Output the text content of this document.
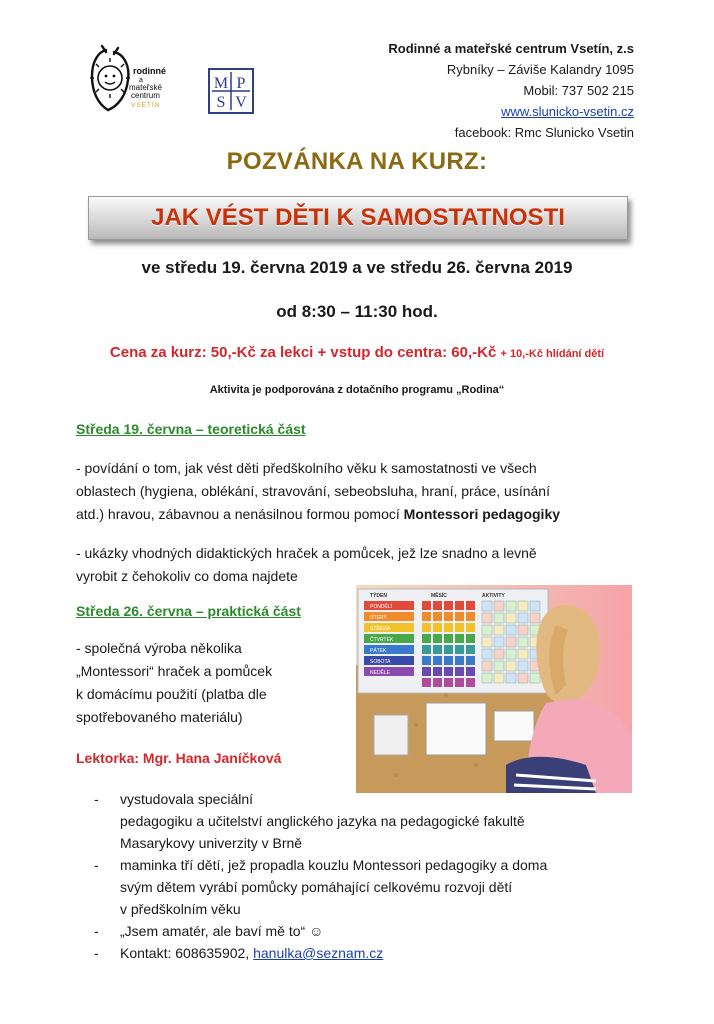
rodinné
a
mateřské
centrum
VSETÍN
M P
S V
Rodinné a mateřské centrum Vsetín, z.s
Rybníky – Záviše Kalandry 1095
Mobil: 737 502 215
www.slunicko-vsetin.cz
facebook: Rmc Slunicko Vsetin
POZVÁNKA NA KURZ:
JAK VÉST DĚTI K SAMOSTATNOSTI
ve středu 19. června 2019 a ve středu 26. června 2019
od 8:30 – 11:30 hod.
Cena za kurz: 50,-Kč za lekci + vstup do centra: 60,-Kč + 10,-Kč hlídání dětí
Aktivita je podporována z dotačního programu „Rodina“
Středa 19. června – teoretická část
- povídání o tom, jak vést děti předškolního věku k samostatnosti ve všech
oblastech (hygiena, oblékání, stravování, sebeobsluha, hraní, práce, usínání
atd.) hravou, zábavnou a nenásilnou formou pomocí Montessori pedagogiky
- ukázky vhodných didaktických hraček a pomůcek, jež lze snadno a levně
vyrobit z čehokoliv co doma najdete
Středa 26. června – praktická část
- společná výroba několika
„Montessori“ hraček a pomůcek
k domácímu použití (platba dle
spotřebovaného materiálu)
Lektorka: Mgr. Hana Janíčková
TÝDEN	MĚSÍC	AKTIVITY
PONDĚLÍ
ÚTERÝ
STŘEDA
ČTVRTEK
PÁTEK
SOBOTA
NEDĚLE
- vystudovala speciální
pedagogiku a učitelství anglického jazyka na pedagogické fakultě
Masarykovy univerzity v Brně
- maminka tří dětí, jež propadla kouzlu Montessori pedagogiky a doma
svým dětem vyrábí pomůcky pomáhající celkovému rozvoji dětí
v předškolním věku
- „Jsem amatér, ale baví mě to“ ☺
- Kontakt: 608635902, hanulka@seznam.cz
